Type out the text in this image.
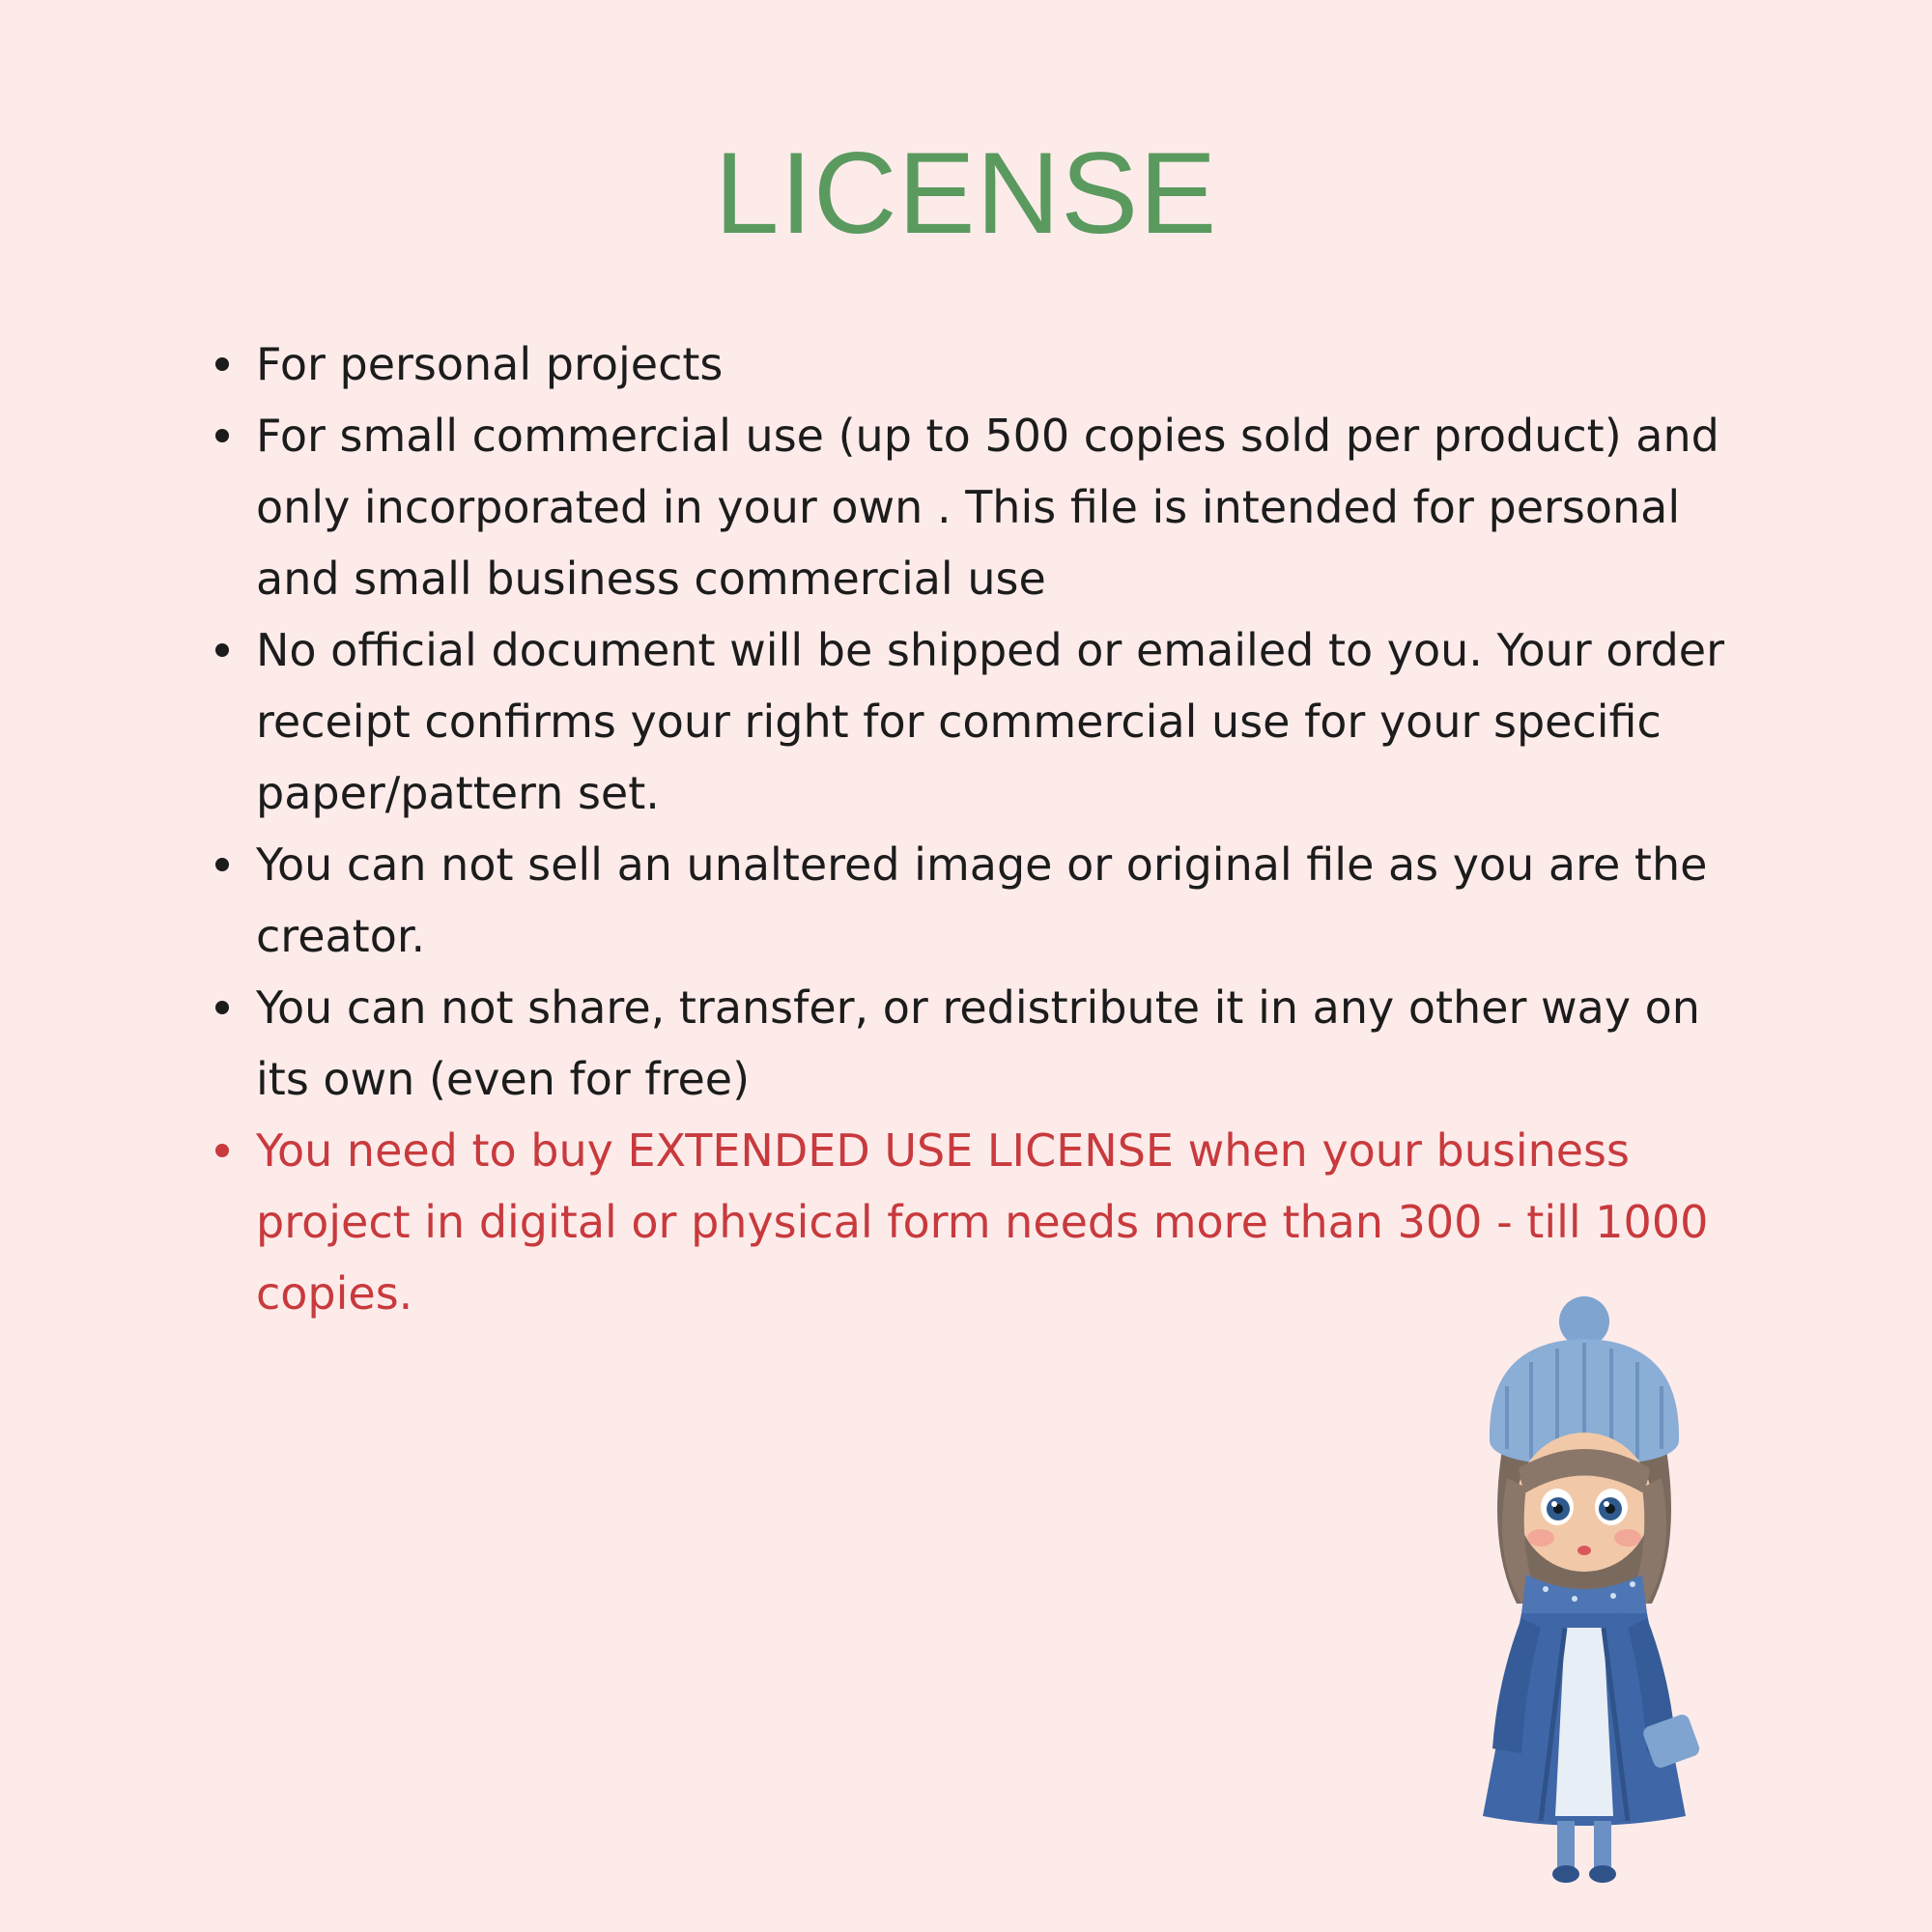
LICENSE
For personal projects
For small commercial use (up to 500 copies sold per product) and only incorporated in your own . This file is intended for personal and small business commercial use
No official document will be shipped or emailed to you. Your order receipt confirms your right for commercial use for your specific paper/pattern set.
You can not sell an unaltered image or original file as you are the creator.
You can not share, transfer, or redistribute it in any other way on its own (even for free)
You need to buy EXTENDED USE LICENSE when your business project in digital or physical form needs more than 300 - till 1000 copies.
